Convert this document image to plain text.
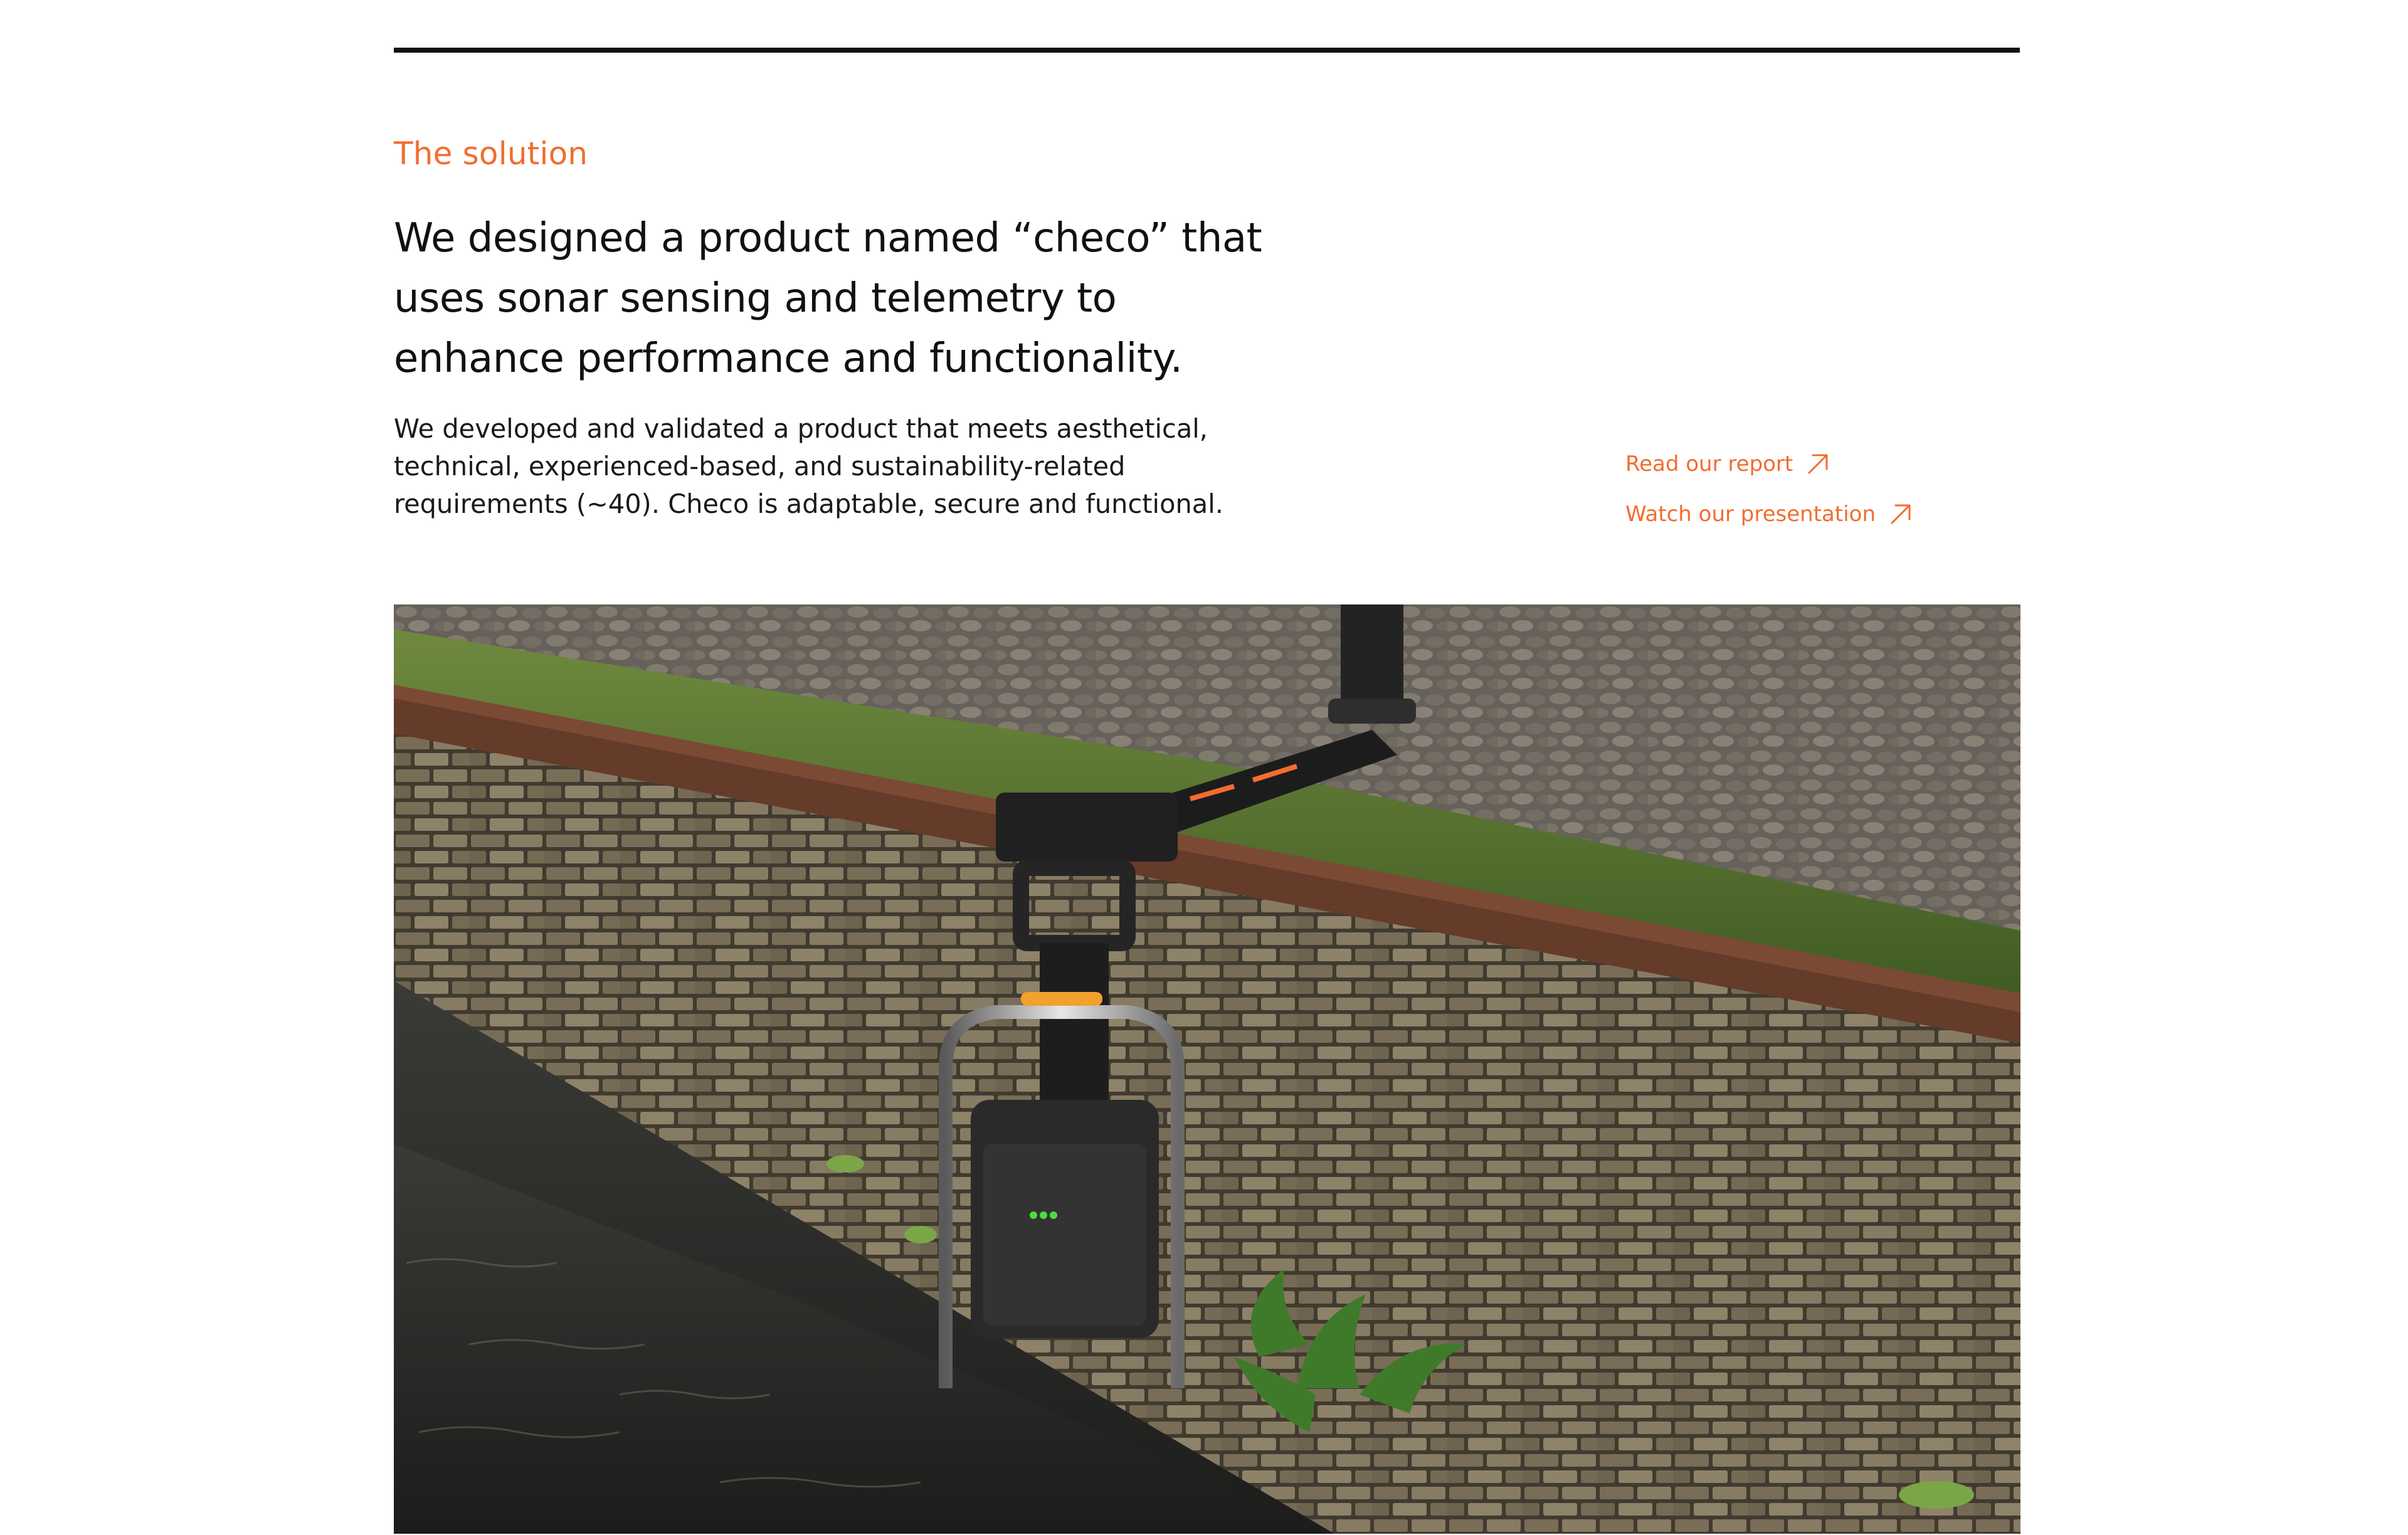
The solution
We designed a product named “checo” that uses sonar sensing and telemetry to enhance performance and functionality.

We developed and validated a product that meets aesthetical, technical, experienced-based, and sustainability-related requirements (~40). Checo is adaptable, secure and functional.

Read our report
Watch our presentation
